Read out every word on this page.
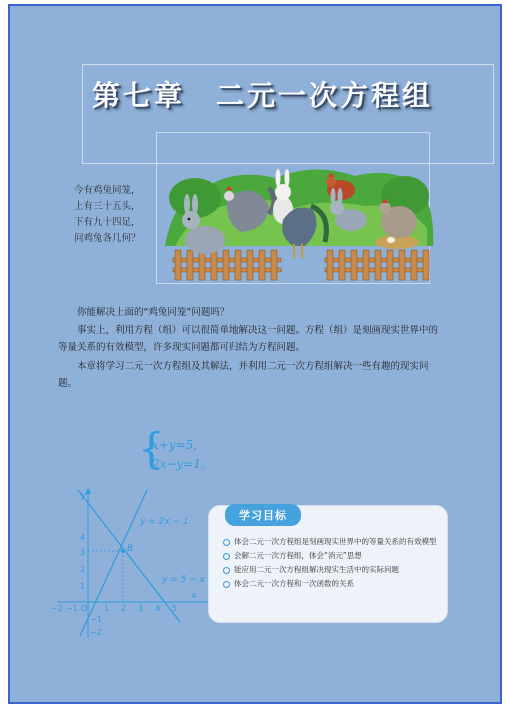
第七章　二元一次方程组
今有鸡兔同笼，
上有三十五头，
下有九十四足，
问鸡兔各几何？
你能解决上面的“鸡兔同笼”问题吗？
事实上，利用方程（组）可以很简单地解决这一问题。方程（组）是刻画现实世界中的等量关系的有效模型，许多现实问题都可归结为方程问题。
本章将学习二元一次方程组及其解法，并利用二元一次方程组解决一些有趣的现实问题。
{
x+y=5，
2x−y=1。
B
y = 2x − 1
y = 5 − x
x
y
O
−2 −1	1 2 3 4 5
4
3
2
1
−1
−2
学习目标
体会二元一次方程组是刻画现实世界中的等量关系的有效模型
会解二元一次方程组，体会“消元”思想
能应用二元一次方程组解决现实生活中的实际问题
体会二元一次方程和一次函数的关系
